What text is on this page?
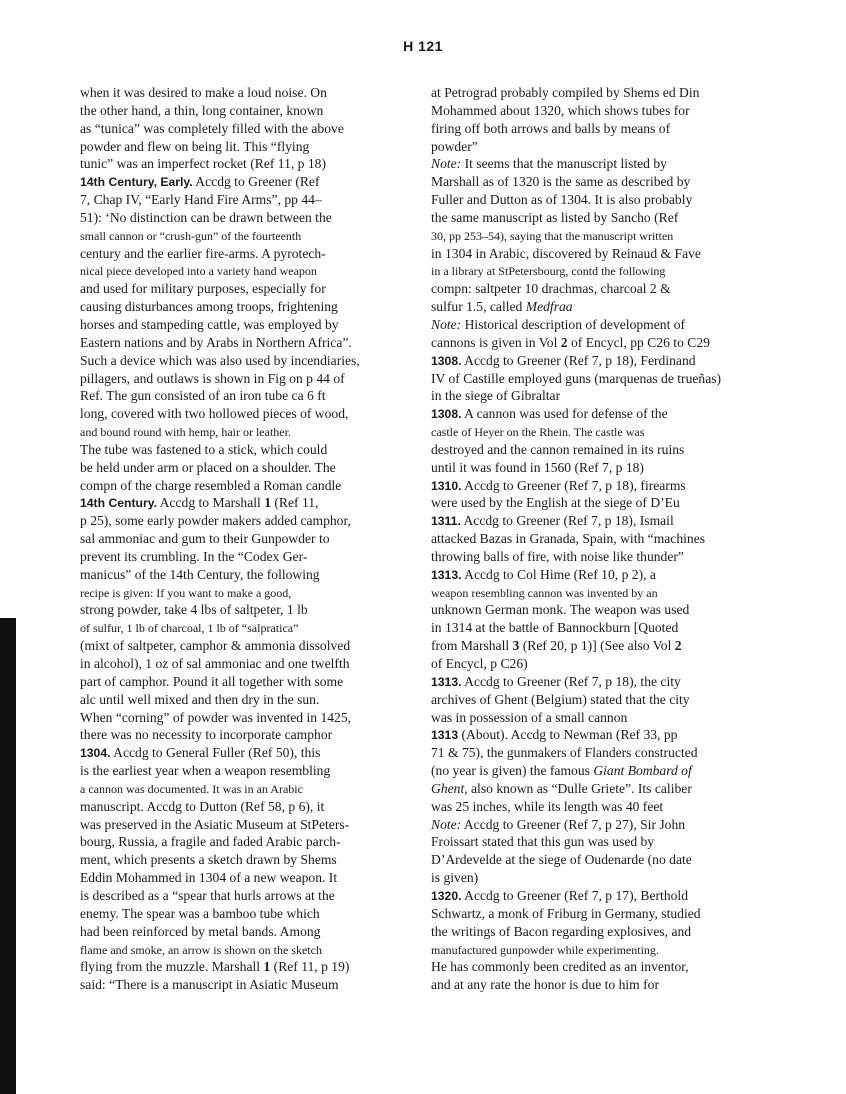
H 121
when it was desired to make a loud noise. On
the other hand, a thin, long container, known
as “tunica” was completely filled with the above
powder and flew on being lit. This “flying
tunic” was an imperfect rocket (Ref 11, p 18)
14th Century, Early. Accdg to Greener (Ref
7, Chap IV, “Early Hand Fire Arms”, pp 44–
51): ‘No distinction can be drawn between the
small cannon or “crush-gun” of the fourteenth
century and the earlier fire-arms. A pyrotech-
nical piece developed into a variety hand weapon
and used for military purposes, especially for
causing disturbances among troops, frightening
horses and stampeding cattle, was employed by
Eastern nations and by Arabs in Northern Africa”.
Such a device which was also used by incendiaries,
pillagers, and outlaws is shown in Fig on p 44 of
Ref. The gun consisted of an iron tube ca 6 ft
long, covered with two hollowed pieces of wood,
and bound round with hemp, hair or leather.
The tube was fastened to a stick, which could
be held under arm or placed on a shoulder. The
compn of the charge resembled a Roman candle
14th Century. Accdg to Marshall 1 (Ref 11,
p 25), some early powder makers added camphor,
sal ammoniac and gum to their Gunpowder to
prevent its crumbling. In the “Codex Ger-
manicus” of the 14th Century, the following
recipe is given: If you want to make a good,
strong powder, take 4 lbs of saltpeter, 1 lb
of sulfur, 1 lb of charcoal, 1 lb of “salpratica”
(mixt of saltpeter, camphor & ammonia dissolved
in alcohol), 1 oz of sal ammoniac and one twelfth
part of camphor. Pound it all together with some
alc until well mixed and then dry in the sun.
When “corning” of powder was invented in 1425,
there was no necessity to incorporate camphor
1304. Accdg to General Fuller (Ref 50), this
is the earliest year when a weapon resembling
a cannon was documented. It was in an Arabic
manuscript. Accdg to Dutton (Ref 58, p 6), it
was preserved in the Asiatic Museum at StPeters-
bourg, Russia, a fragile and faded Arabic parch-
ment, which presents a sketch drawn by Shems
Eddin Mohammed in 1304 of a new weapon. It
is described as a “spear that hurls arrows at the
enemy. The spear was a bamboo tube which
had been reinforced by metal bands. Among
flame and smoke, an arrow is shown on the sketch
flying from the muzzle. Marshall 1 (Ref 11, p 19)
said: “There is a manuscript in Asiatic Museum
at Petrograd probably compiled by Shems ed Din
Mohammed about 1320, which shows tubes for
firing off both arrows and balls by means of
powder”
Note: It seems that the manuscript listed by
Marshall as of 1320 is the same as described by
Fuller and Dutton as of 1304. It is also probably
the same manuscript as listed by Sancho (Ref
30, pp 253–54), saying that the manuscript written
in 1304 in Arabic, discovered by Reinaud & Fave
in a library at StPetersbourg, contd the following
compn: saltpeter 10 drachmas, charcoal 2 &
sulfur 1.5, called Medfraa
Note: Historical description of development of
cannons is given in Vol 2 of Encycl, pp C26 to C29
1308. Accdg to Greener (Ref 7, p 18), Ferdinand
IV of Castille employed guns (marquenas de trueñas)
in the siege of Gibraltar
1308. A cannon was used for defense of the
castle of Heyer on the Rhein. The castle was
destroyed and the cannon remained in its ruins
until it was found in 1560 (Ref 7, p 18)
1310. Accdg to Greener (Ref 7, p 18), firearms
were used by the English at the siege of D’Eu
1311. Accdg to Greener (Ref 7, p 18), Ismail
attacked Bazas in Granada, Spain, with “machines
throwing balls of fire, with noise like thunder”
1313. Accdg to Col Hime (Ref 10, p 2), a
weapon resembling cannon was invented by an
unknown German monk. The weapon was used
in 1314 at the battle of Bannockburn [Quoted
from Marshall 3 (Ref 20, p 1)] (See also Vol 2
of Encycl, p C26)
1313. Accdg to Greener (Ref 7, p 18), the city
archives of Ghent (Belgium) stated that the city
was in possession of a small cannon
1313 (About). Accdg to Newman (Ref 33, pp
71 & 75), the gunmakers of Flanders constructed
(no year is given) the famous Giant Bombard of
Ghent, also known as “Dulle Griete”. Its caliber
was 25 inches, while its length was 40 feet
Note: Accdg to Greener (Ref 7, p 27), Sir John
Froissart stated that this gun was used by
D’Ardevelde at the siege of Oudenarde (no date
is given)
1320. Accdg to Greener (Ref 7, p 17), Berthold
Schwartz, a monk of Friburg in Germany, studied
the writings of Bacon regarding explosives, and
manufactured gunpowder while experimenting.
He has commonly been credited as an inventor,
and at any rate the honor is due to him for
